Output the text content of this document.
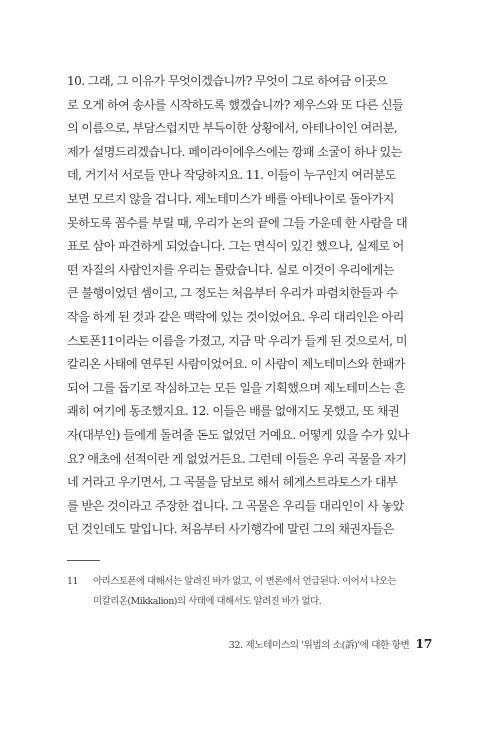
10. 그래, 그 이유가 무엇이겠습니까? 무엇이 그로 하여금 이곳으
로 오게 하여 송사를 시작하도록 했겠습니까? 제우스와 또 다른 신들
의 이름으로, 부담스럽지만 부득이한 상황에서, 아테나이인 여러분,
제가 설명드리겠습니다. 페이라이에우스에는 깡패 소굴이 하나 있는
데, 거기서 서로들 만나 작당하지요. 11. 이들이 누구인지 여러분도
보면 모르지 않을 겁니다. 제노테미스가 배를 아테나이로 돌아가지
못하도록 꼼수를 부릴 때, 우리가 논의 끝에 그들 가운데 한 사람을 대
표로 삼아 파견하게 되었습니다. 그는 면식이 있긴 했으나, 실제로 어
떤 자질의 사람인지를 우리는 몰랐습니다. 실로 이것이 우리에게는
큰 불행이었던 셈이고, 그 정도는 처음부터 우리가 파렴치한들과 수
작을 하게 된 것과 같은 맥락에 있는 것이었어요. 우리 대리인은 아리
스토폰11이라는 이름을 가졌고, 지금 막 우리가 들게 된 것으로서, 미
칼리온 사태에 연루된 사람이었어요. 이 사람이 제노테미스와 한패가
되어 그를 돕기로 작심하고는 모든 일을 기획했으며 제노테미스는 흔
쾌히 여기에 동조했지요. 12. 이들은 배를 없애지도 못했고, 또 채권
자(대부인) 들에게 돌려줄 돈도 없었던 거예요. 어떻게 있을 수가 있나
요? 애초에 선적이란 게 없었거든요. 그런데 이들은 우리 곡물을 자기
네 거라고 우기면서, 그 곡물을 담보로 해서 헤게스트라토스가 대부
를 받은 것이라고 주장한 겁니다. 그 곡물은 우리들 대리인이 사 놓았
던 것인데도 말입니다. 처음부터 사기행각에 말린 그의 채권자들은
11 아리스토폰에 대해서는 알려진 바가 없고, 이 변론에서 언급된다. 이어서 나오는
미칼리온(Mikkalion)의 사태에 대해서도 알려진 바가 없다.
32. 제노테미스의 '위법의 소(訴)'에 대한 항변 17
